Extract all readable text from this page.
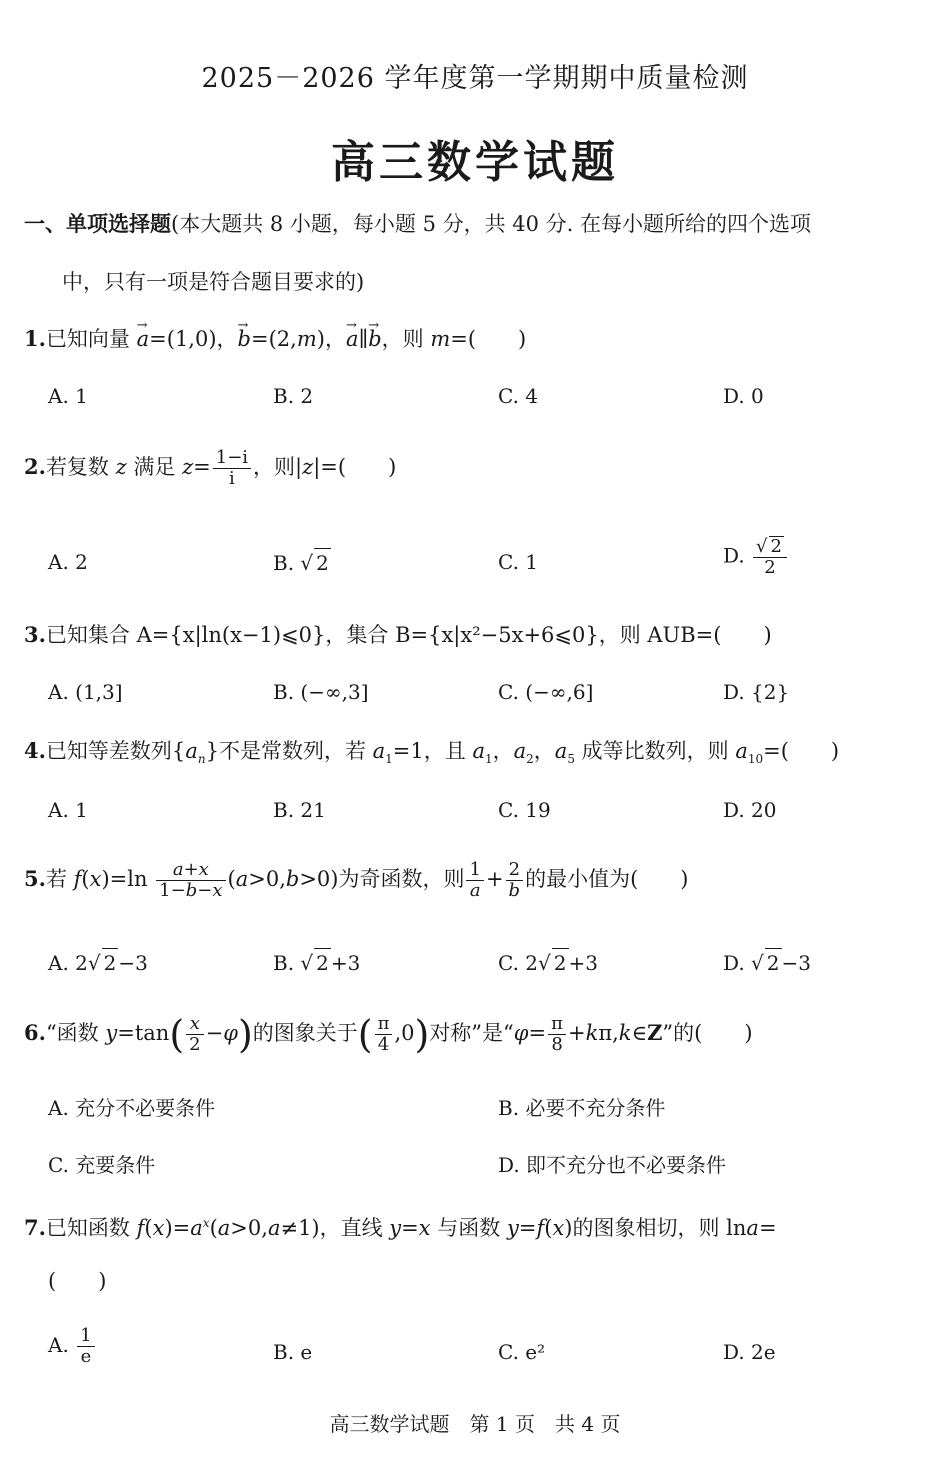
2025－2026 学年度第一学期期中质量检测
高三数学试题
一、单项选择题(本大题共 8 小题，每小题 5 分，共 40 分. 在每小题所给的四个选项
中，只有一项是符合题目要求的)
1.已知向量 → a=(1,0)，→ b=(2,m)，→ a∥→ b，则 m=(　　)
A. 1	B. 2	C. 4	D. 0
2.若复数 z 满足 $z= \frac{1-i}{i}$ ，则|z|=(　　)
A. 2	B. √ 2	C. 1	D. $\frac{√ 2}{2}$
已知集合 A={x|ln(x−1)⩽0}，集合 B={x|x²−5x+6⩽0}，则 AUB=(　　)
3.
A. (1,3]	B. (−∞,3]	C. (−∞,6]	D. {2}
4.已知等差数列$\{a_n\}$不是常数列，若 $a_1=1$，且 $a_1$，$a_2$，$a_5$ 成等比数列，则 $a_{10}=$(　　)
A. 1	B. 21	C. 19	D. 20
5.若 $f(x)=\ln \frac{a+x}{1-b-x} (a>0,b>0)$为奇函数，则 $\frac{1}{a} + \frac{2}{b}$ 的最小值为(　　)
A. 2√ 2 −3	B. √ 2 +3	C. 2√ 2 +3	D. √ 2 −3
6.“函数 $y=\tan( \frac{x}{2} -\varphi)$的图象关于( $\frac{\pi}{4} ,0$)对称”是“$\varphi= \frac{\pi}{8}$ +kπ,k∈Z”的(　　)
A. 充分不必要条件	B. 必要不充分条件
C. 充要条件	D. 即不充分也不必要条件
7.已知函数 $f(x)=a^x(a>0,a\ne 1)$，直线 y=x 与函数 y=f(x)的图象相切，则 lna=
(　　)
A. $\frac{1}{e}$	B. e	C. e²	D. 2e
高三数学试题　第 1 页　共 4 页
